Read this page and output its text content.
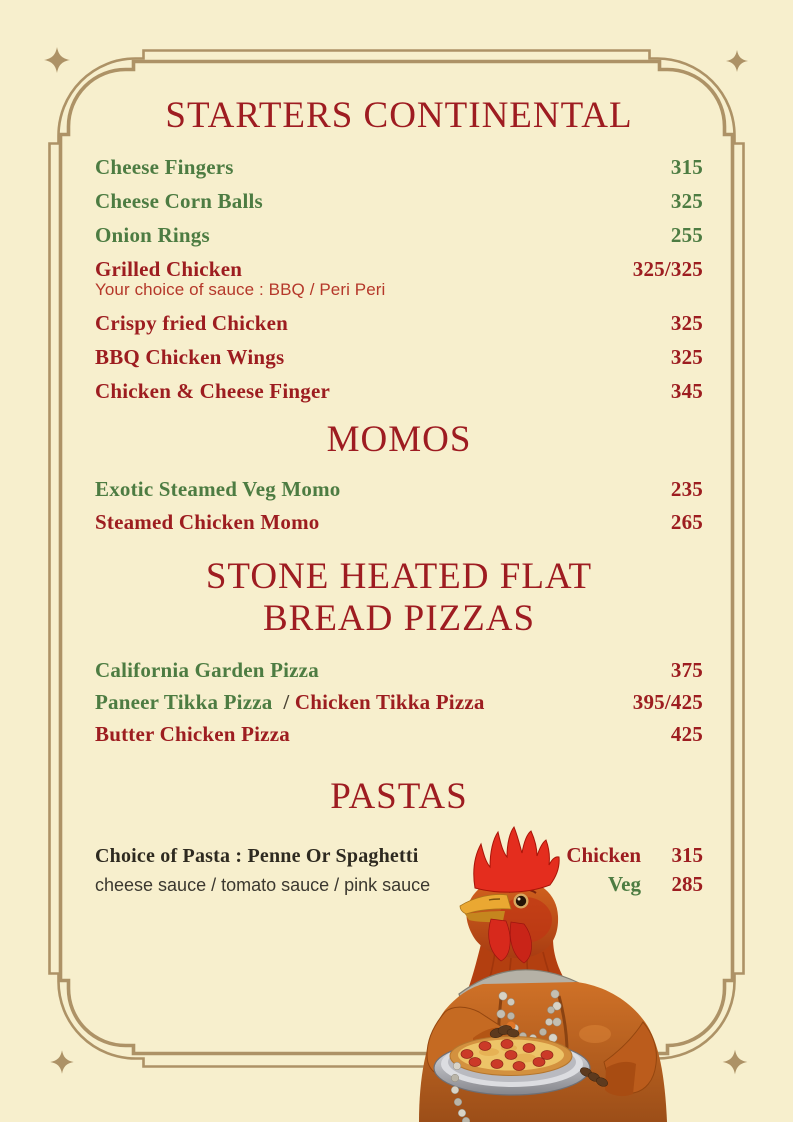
STARTERS CONTINENTAL
Cheese Fingers	315
Cheese Corn Balls	325
Onion Rings	255
Grilled Chicken	325/325
Your choice of sauce : BBQ / Peri Peri
Crispy fried Chicken	325
BBQ Chicken Wings	325
Chicken & Cheese Finger	345
MOMOS
Exotic Steamed Veg Momo	235
Steamed Chicken Momo	265
STONE HEATED FLAT
BREAD PIZZAS
California Garden Pizza	375
Paneer Tikka Pizza / Chicken Tikka Pizza	395/425
Butter Chicken Pizza	425
PASTAS
Choice of Pasta : Penne Or Spaghetti	Chicken	315
cheese sauce / tomato sauce / pink sauce	Veg	285
